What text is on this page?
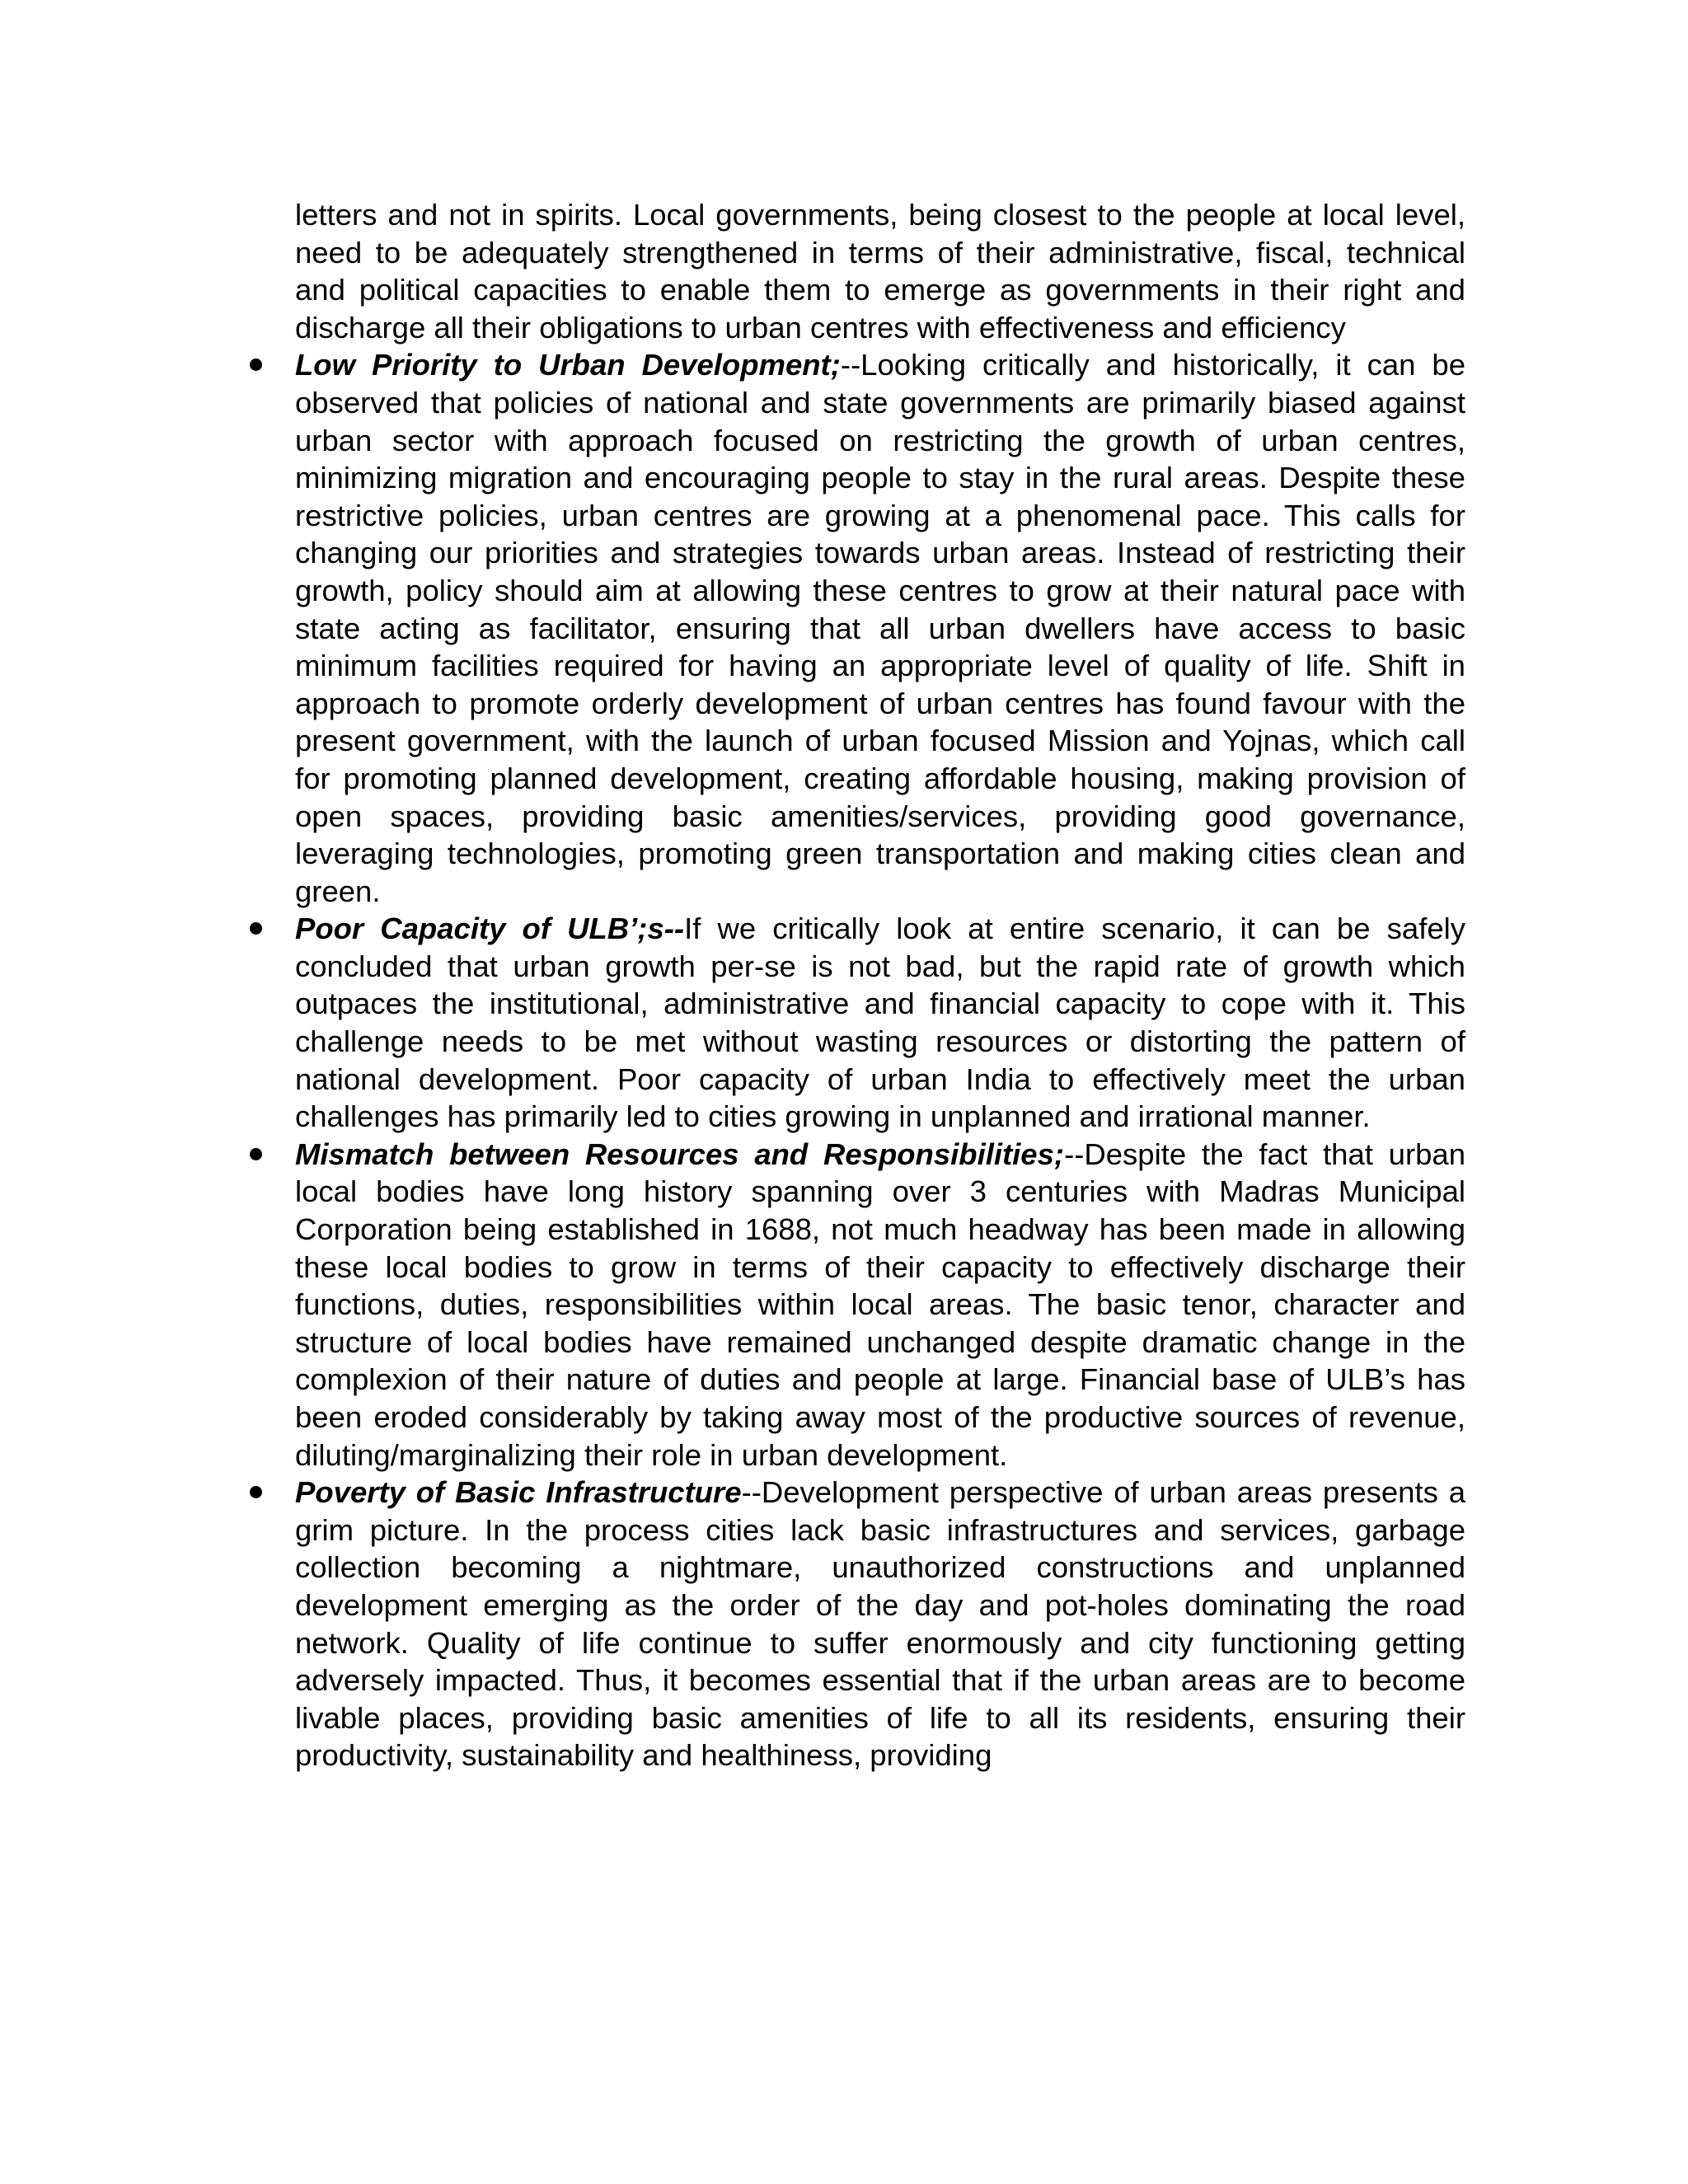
letters and not in spirits. Local governments, being closest to the people at local level, need to be adequately strengthened in terms of their administrative, fiscal, technical and political capacities to enable them to emerge as governments in their right and discharge all their obligations to urban centres with effectiveness and efficiency

Low Priority to Urban Development;--Looking critically and historically, it can be observed that policies of national and state governments are primarily biased against urban sector with approach focused on restricting the growth of urban centres, minimizing migration and encouraging people to stay in the rural areas. Despite these restrictive policies, urban centres are growing at a phenomenal pace. This calls for changing our priorities and strategies towards urban areas. Instead of restricting their growth, policy should aim at allowing these centres to grow at their natural pace with state acting as facilitator, ensuring that all urban dwellers have access to basic minimum facilities required for having an appropriate level of quality of life. Shift in approach to promote orderly development of urban centres has found favour with the present government, with the launch of urban focused Mission and Yojnas, which call for promoting planned development, creating affordable housing, making provision of open spaces, providing basic amenities/services, providing good governance, leveraging technologies, promoting green transportation and making cities clean and green.
Poor Capacity of ULB’;s--If we critically look at entire scenario, it can be safely concluded that urban growth per-se is not bad, but the rapid rate of growth which outpaces the institutional, administrative and financial capacity to cope with it. This challenge needs to be met without wasting resources or distorting the pattern of national development. Poor capacity of urban India to effectively meet the urban challenges has primarily led to cities growing in unplanned and irrational manner.
Mismatch between Resources and Responsibilities;--Despite the fact that urban local bodies have long history spanning over 3 centuries with Madras Municipal Corporation being established in 1688, not much headway has been made in allowing these local bodies to grow in terms of their capacity to effectively discharge their functions, duties, responsibilities within local areas. The basic tenor, character and structure of local bodies have remained unchanged despite dramatic change in the complexion of their nature of duties and people at large. Financial base of ULB’s has been eroded considerably by taking away most of the productive sources of revenue, diluting/marginalizing their role in urban development.
Poverty of Basic Infrastructure--Development perspective of urban areas presents a grim picture. In the process cities lack basic infrastructures and services, garbage collection becoming a nightmare, unauthorized constructions and unplanned development emerging as the order of the day and pot-holes dominating the road network. Quality of life continue to suffer enormously and city functioning getting adversely impacted. Thus, it becomes essential that if the urban areas are to become livable places, providing basic amenities of life to all its residents, ensuring their productivity, sustainability and healthiness, providing
